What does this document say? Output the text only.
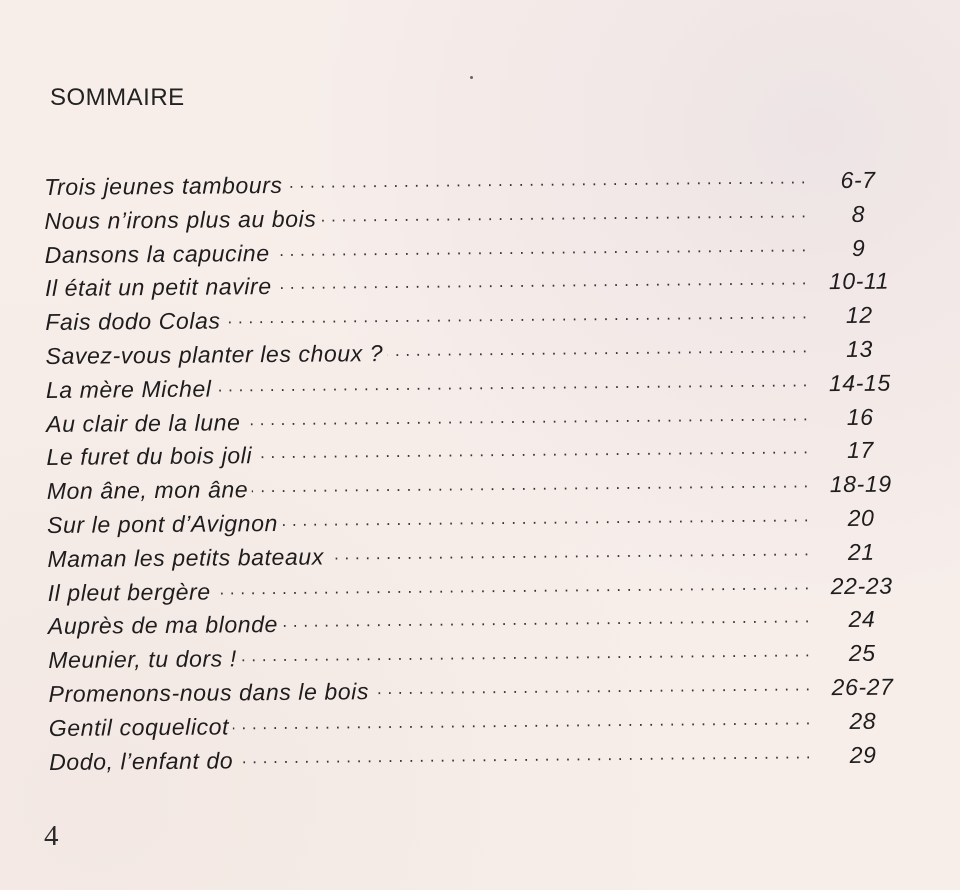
SOMMAIRE
Trois jeunes tambours . . .	6-7
Nous n’irons plus au bois . . .	8
Dansons la capucine . . .	9
Il était un petit navire . . .	10-11
Fais dodo Colas . . .	12
Savez-vous planter les choux ? . . .	13
La mère Michel . . .	14-15
Au clair de la lune . . .	16
Le furet du bois joli . . .	17
Mon âne, mon âne . . .	18-19
Sur le pont d’Avignon . . .	20
Maman les petits bateaux . . .	21
Il pleut bergère . . .	22-23
Auprès de ma blonde . . .	24
Meunier, tu dors ! . . .	25
Promenons-nous dans le bois . . .	26-27
Gentil coquelicot . . .	28
Dodo, l’enfant do . . .	29
4
